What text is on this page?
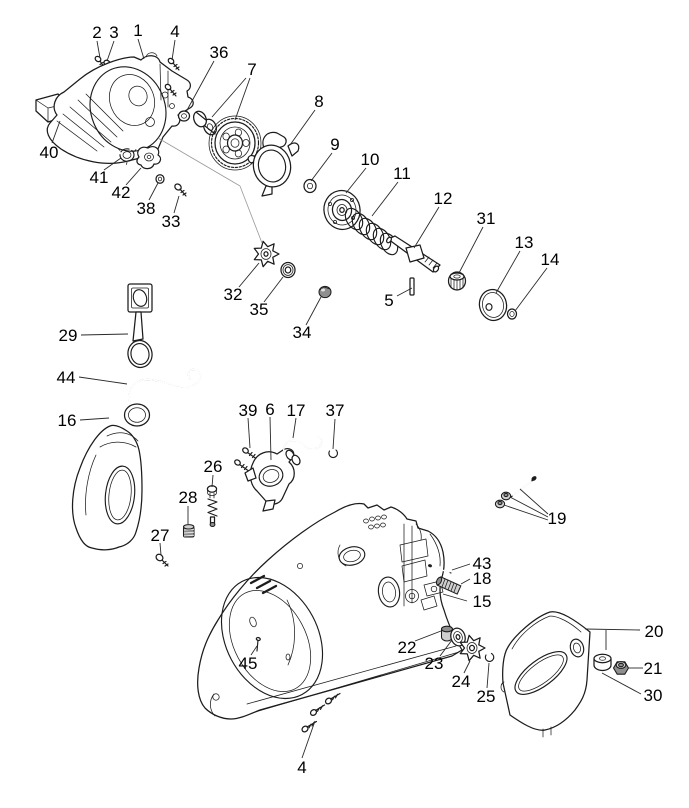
2 3 1 4
36
7
8
9
10
11
12
31
13
14
5
40
41
42
38
33
32
35
34
29
44
16
39 6 17 37
26
28
27
19
43
18
15
20
21
30
22
23
24
25
45
4
